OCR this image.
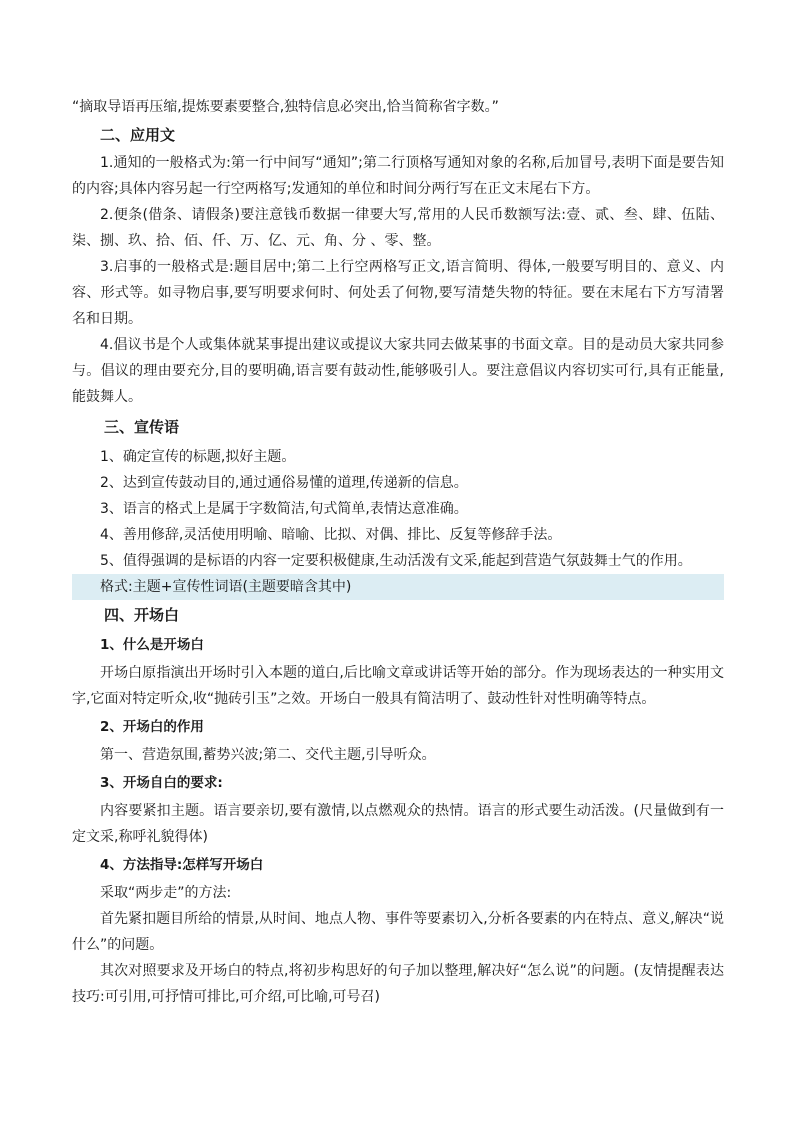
“摘取导语再压缩,提炼要素要整合,独特信息必突出,恰当简称省字数。”

二、应用文

1.通知的一般格式为:第一行中间写“通知”;第二行顶格写通知对象的名称,后加冒号,表明下面是要告知的内容;具体内容另起一行空两格写;发通知的单位和时间分两行写在正文末尾右下方。

2.便条(借条、请假条)要注意钱币数据一律要大写,常用的人民币数额写法:壹、贰、叁、肆、伍陆、柒、捌、玖、拾、佰、仟、万、亿、元、角、分 、零、整。

3.启事的一般格式是:题目居中;第二上行空两格写正文,语言简明、得体,一般要写明目的、意义、内容、形式等。如寻物启事,要写明要求何时、何处丢了何物,要写清楚失物的特征。要在末尾右下方写清署名和日期。

4.倡议书是个人或集体就某事提出建议或提议大家共同去做某事的书面文章。目的是动员大家共同参与。倡议的理由要充分,目的要明确,语言要有鼓动性,能够吸引人。要注意倡议内容切实可行,具有正能量,能鼓舞人。

三、宣传语

1、确定宣传的标题,拟好主题。

2、达到宣传鼓动目的,通过通俗易懂的道理,传递新的信息。

3、语言的格式上是属于字数简洁,句式简单,表情达意准确。

4、善用修辞,灵活使用明喻、暗喻、比拟、对偶、排比、反复等修辞手法。

5、值得强调的是标语的内容一定要积极健康,生动活泼有文采,能起到营造气氛鼓舞士气的作用。

格式:主题+宣传性词语(主题要暗含其中)

四、开场白

1、什么是开场白

开场白原指演出开场时引入本题的道白,后比喻文章或讲话等开始的部分。作为现场表达的一种实用文字,它面对特定听众,收“抛砖引玉”之效。开场白一般具有简洁明了、鼓动性针对性明确等特点。

2、开场白的作用

第一、营造氛围,蓄势兴波;第二、交代主题,引导听众。

3、开场自白的要求:

内容要紧扣主题。语言要亲切,要有激情,以点燃观众的热情。语言的形式要生动活泼。(尺量做到有一定文采,称呼礼貌得体)

4、方法指导:怎样写开场白

采取“两步走”的方法:

首先紧扣题目所给的情景,从时间、地点人物、事件等要素切入,分析各要素的内在特点、意义,解决“说什么”的问题。

其次对照要求及开场白的特点,将初步构思好的句子加以整理,解决好“怎么说”的问题。(友情提醒表达技巧:可引用,可抒情可排比,可介绍,可比喻,可号召)
